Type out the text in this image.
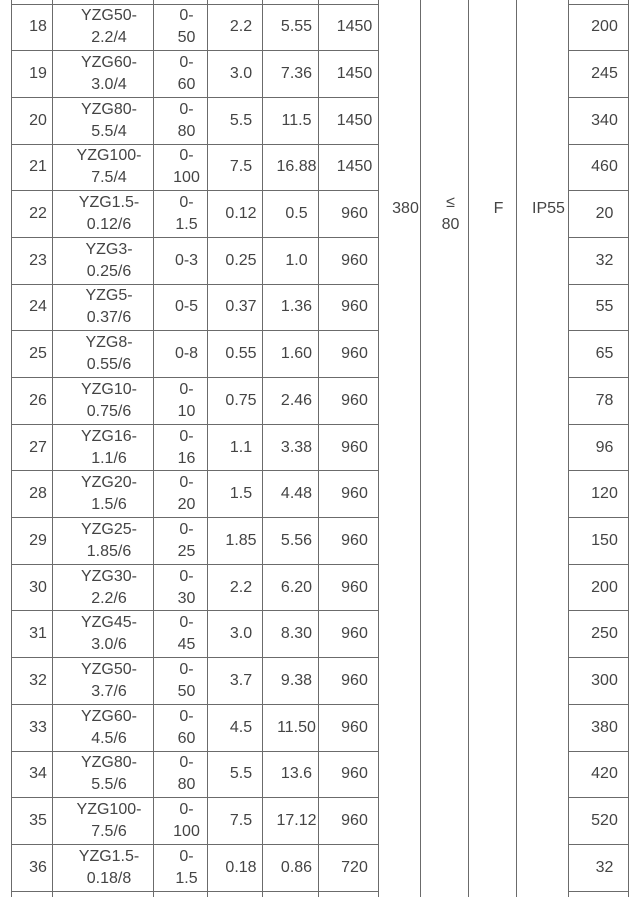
						380	≤ 80	F	IP55	

18	YZG50-2.2/4	0-50	2.2	5.55	1450					200
19	YZG60-3.0/4	0-60	3.0	7.36	1450					245
20	YZG80-5.5/4	0-80	5.5	11.5	1450					340
21	YZG100-7.5/4	0-100	7.5	16.88	1450					460
22	YZG1.5-0.12/6	0-1.5	0.12	0.5	960					20
23	YZG3-0.25/6	0-3	0.25	1.0	960					32
24	YZG5-0.37/6	0-5	0.37	1.36	960					55
25	YZG8-0.55/6	0-8	0.55	1.60	960					65
26	YZG10-0.75/6	0-10	0.75	2.46	960					78
27	YZG16-1.1/6	0-16	1.1	3.38	960					96
28	YZG20-1.5/6	0-20	1.5	4.48	960					120
29	YZG25-1.85/6	0-25	1.85	5.56	960					150
30	YZG30-2.2/6	0-30	2.2	6.20	960					200
31	YZG45-3.0/6	0-45	3.0	8.30	960					250
32	YZG50-3.7/6	0-50	3.7	9.38	960					300
33	YZG60-4.5/6	0-60	4.5	11.50	960					380
34	YZG80-5.5/6	0-80	5.5	13.6	960					420
35	YZG100-7.5/6	0-100	7.5	17.12	960					520
36	YZG1.5-0.18/8	0-1.5	0.18	0.86	720					32
